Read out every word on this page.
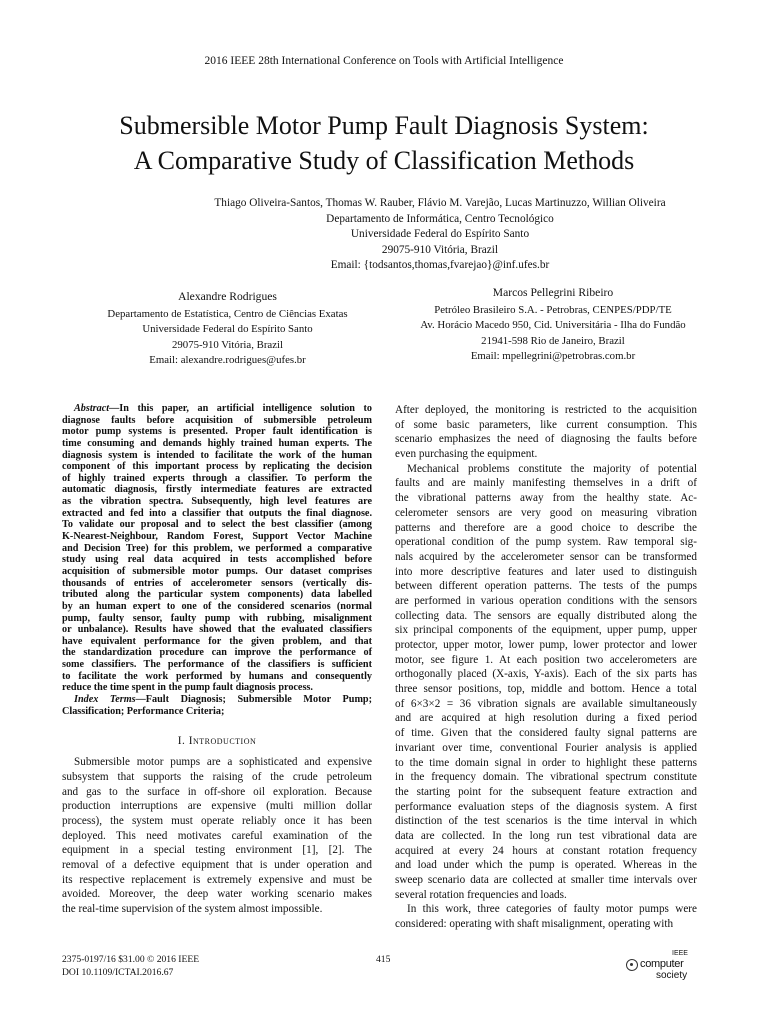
2016 IEEE 28th International Conference on Tools with Artificial Intelligence
Submersible Motor Pump Fault Diagnosis System:
A Comparative Study of Classification Methods
Thiago Oliveira-Santos, Thomas W. Rauber, Flávio M. Varejão, Lucas Martinuzzo, Willian Oliveira
Departamento de Informática, Centro Tecnológico
Universidade Federal do Espírito Santo
29075-910 Vitória, Brazil
Email: {todsantos,thomas,fvarejao}@inf.ufes.br
Alexandre Rodrigues
Departamento de Estatística, Centro de Ciências Exatas
Universidade Federal do Espírito Santo
29075-910 Vitória, Brazil
Email: alexandre.rodrigues@ufes.br
Marcos Pellegrini Ribeiro
Petróleo Brasileiro S.A. - Petrobras, CENPES/PDP/TE
Av. Horácio Macedo 950, Cid. Universitária - Ilha do Fundão
21941-598 Rio de Janeiro, Brazil
Email: mpellegrini@petrobras.com.br
Abstract—In this paper, an artificial intelligence solution to
diagnose faults before acquisition of submersible petroleum
motor pump systems is presented. Proper fault identification is
time consuming and demands highly trained human experts. The
diagnosis system is intended to facilitate the work of the human
component of this important process by replicating the decision
of highly trained experts through a classifier. To perform the
automatic diagnosis, firstly intermediate features are extracted
as the vibration spectra. Subsequently, high level features are
extracted and fed into a classifier that outputs the final diagnose.
To validate our proposal and to select the best classifier (among
K-Nearest-Neighbour, Random Forest, Support Vector Machine
and Decision Tree) for this problem, we performed a comparative
study using real data acquired in tests accomplished before
acquisition of submersible motor pumps. Our dataset comprises
thousands of entries of accelerometer sensors (vertically dis-
tributed along the particular system components) data labelled
by an human expert to one of the considered scenarios (normal
pump, faulty sensor, faulty pump with rubbing, misalignment
or unbalance). Results have showed that the evaluated classifiers
have equivalent performance for the given problem, and that
the standardization procedure can improve the performance of
some classifiers. The performance of the classifiers is sufficient
to facilitate the work performed by humans and consequently
reduce the time spent in the pump fault diagnosis process.
Index Terms—Fault Diagnosis; Submersible Motor Pump;
Classification; Performance Criteria;
I. Introduction
Submersible motor pumps are a sophisticated and expensive
subsystem that supports the raising of the crude petroleum
and gas to the surface in off-shore oil exploration. Because
production interruptions are expensive (multi million dollar
process), the system must operate reliably once it has been
deployed. This need motivates careful examination of the
equipment in a special testing environment [1], [2]. The
removal of a defective equipment that is under operation and
its respective replacement is extremely expensive and must be
avoided. Moreover, the deep water working scenario makes
the real-time supervision of the system almost impossible.
After deployed, the monitoring is restricted to the acquisition
of some basic parameters, like current consumption. This
scenario emphasizes the need of diagnosing the faults before
even purchasing the equipment.
Mechanical problems constitute the majority of potential
faults and are mainly manifesting themselves in a drift of
the vibrational patterns away from the healthy state. Ac-
celerometer sensors are very good on measuring vibration
patterns and therefore are a good choice to describe the
operational condition of the pump system. Raw temporal sig-
nals acquired by the accelerometer sensor can be transformed
into more descriptive features and later used to distinguish
between different operation patterns. The tests of the pumps
are performed in various operation conditions with the sensors
collecting data. The sensors are equally distributed along the
six principal components of the equipment, upper pump, upper
protector, upper motor, lower pump, lower protector and lower
motor, see figure 1. At each position two accelerometers are
orthogonally placed (X-axis, Y-axis). Each of the six parts has
three sensor positions, top, middle and bottom. Hence a total
of 6×3×2 = 36 vibration signals are available simultaneously
and are acquired at high resolution during a fixed period
of time. Given that the considered faulty signal patterns are
invariant over time, conventional Fourier analysis is applied
to the time domain signal in order to highlight these patterns
in the frequency domain. The vibrational spectrum constitute
the starting point for the subsequent feature extraction and
performance evaluation steps of the diagnosis system. A first
distinction of the test scenarios is the time interval in which
data are collected. In the long run test vibrational data are
acquired at every 24 hours at constant rotation frequency
and load under which the pump is operated. Whereas in the
sweep scenario data are collected at smaller time intervals over
several rotation frequencies and loads.
In this work, three categories of faulty motor pumps were
considered: operating with shaft misalignment, operating with
2375-0197/16 $31.00 © 2016 IEEE
DOI 10.1109/ICTAI.2016.67
415
IEEE
computer
society
